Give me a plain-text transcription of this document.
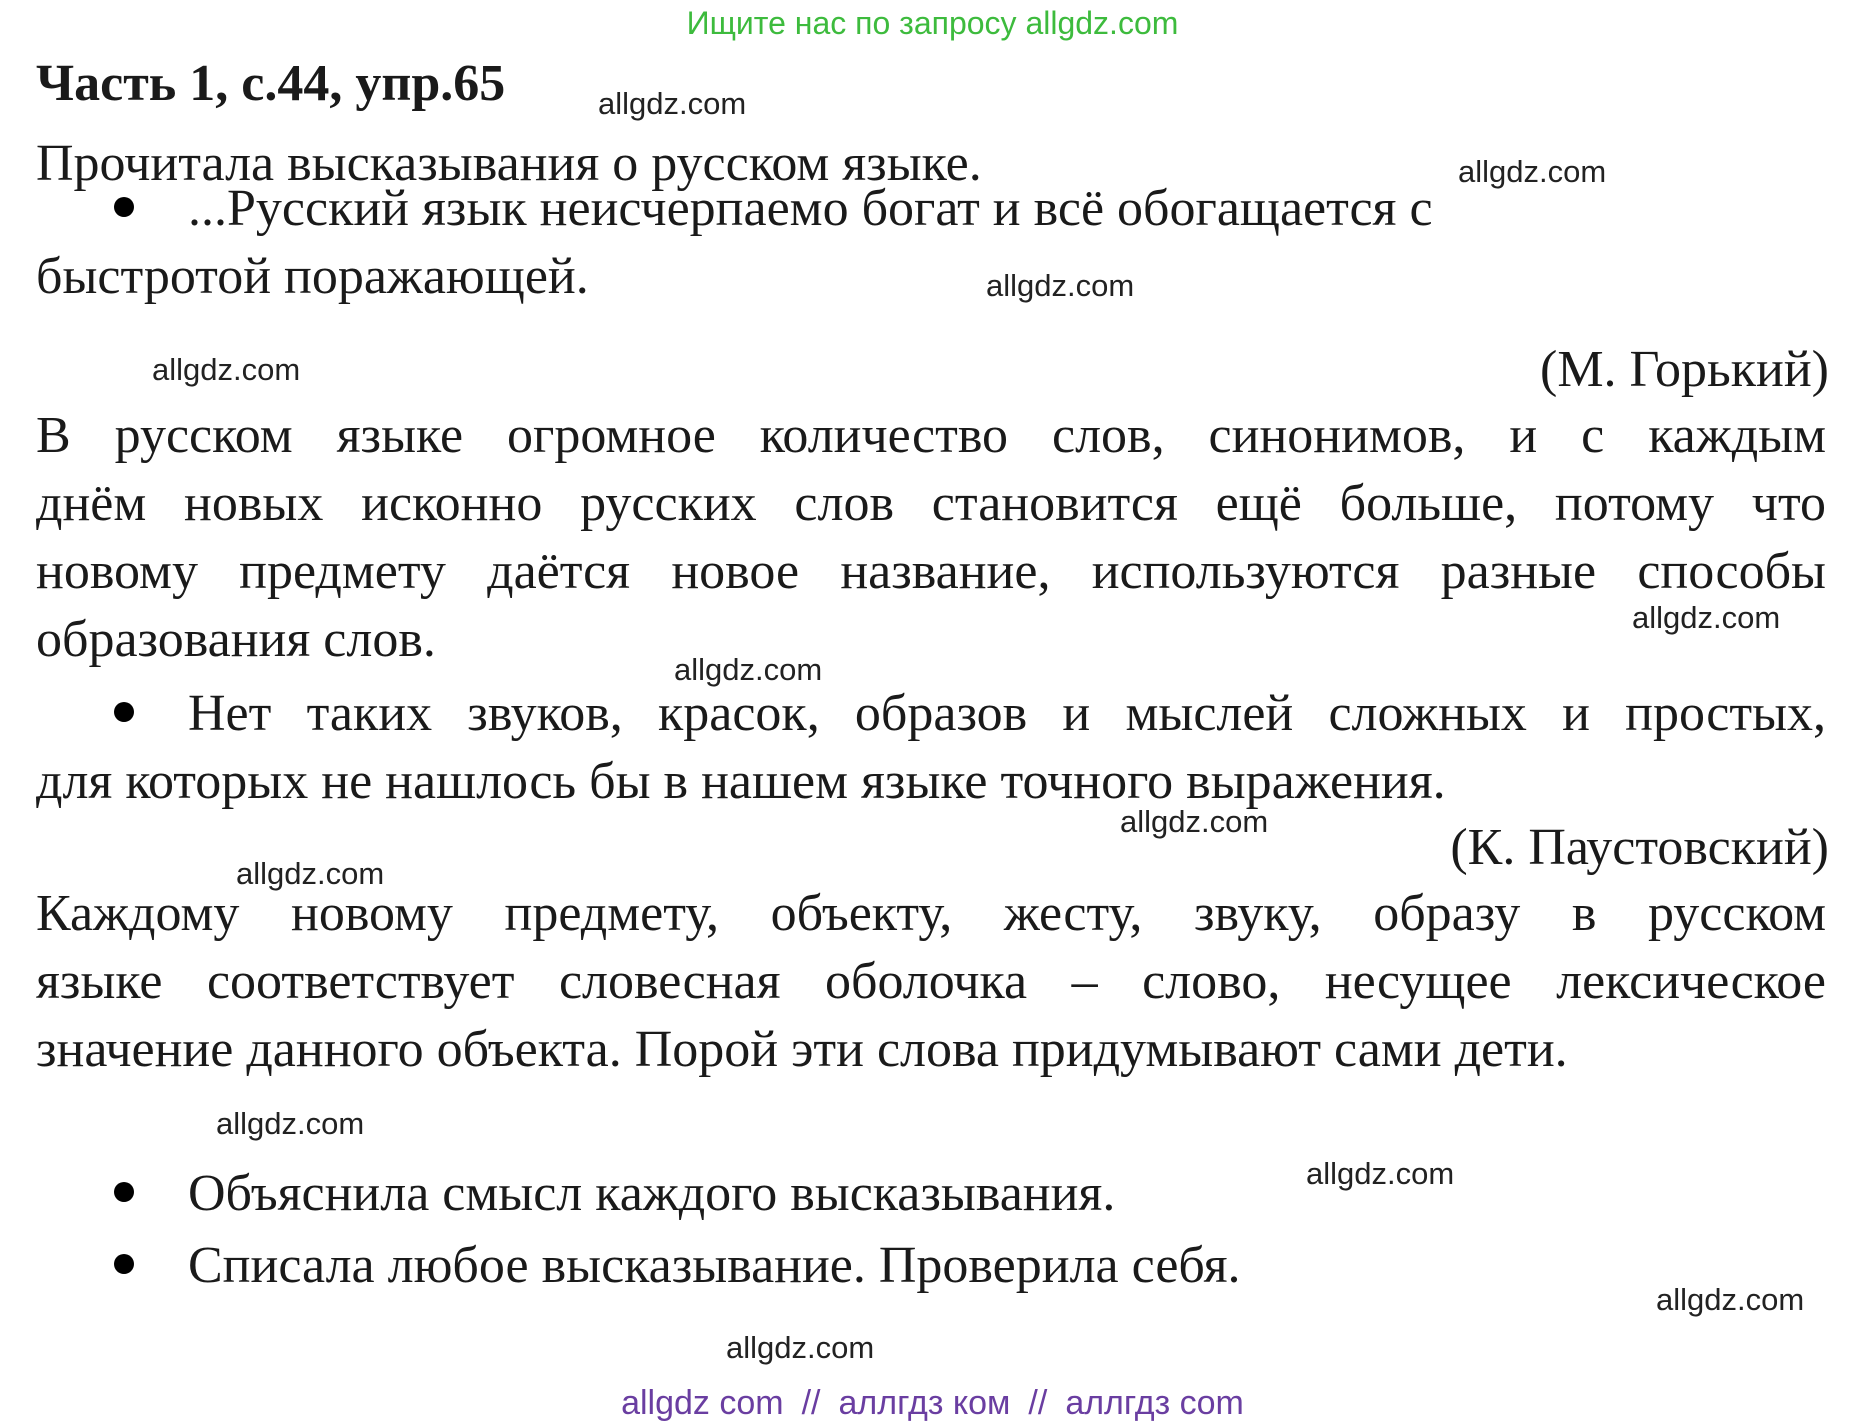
Ищите нас по запросу allgdz.com
Часть 1, с.44, упр.65
Прочитала высказывания о русском языке.
...Русский язык неисчерпаемо богат и всё обогащается с
быстротой поражающей.
(М. Горький)
В русском языке огромное количество слов, синонимов, и с каждым
днём новых исконно русских слов становится ещё больше, потому что
новому предмету даётся новое название, используются разные способы
образования слов.
Нет таких звуков, красок, образов и мыслей сложных и простых,
для которых не нашлось бы в нашем языке точного выражения.
(К. Паустовский)
Каждому новому предмету, объекту, жесту, звуку, образу в русском
языке соответствует словесная оболочка – слово, несущее лексическое
значение данного объекта. Порой эти слова придумывают сами дети.
Объяснила смысл каждого высказывания.
Списала любое высказывание. Проверила себя.
allgdz.com
allgdz.com
allgdz.com
allgdz.com
allgdz.com
allgdz.com
allgdz.com
allgdz.com
allgdz.com
allgdz.com
allgdz.com
allgdz.com
allgdz com // аллгдз ком // аллгдз com
